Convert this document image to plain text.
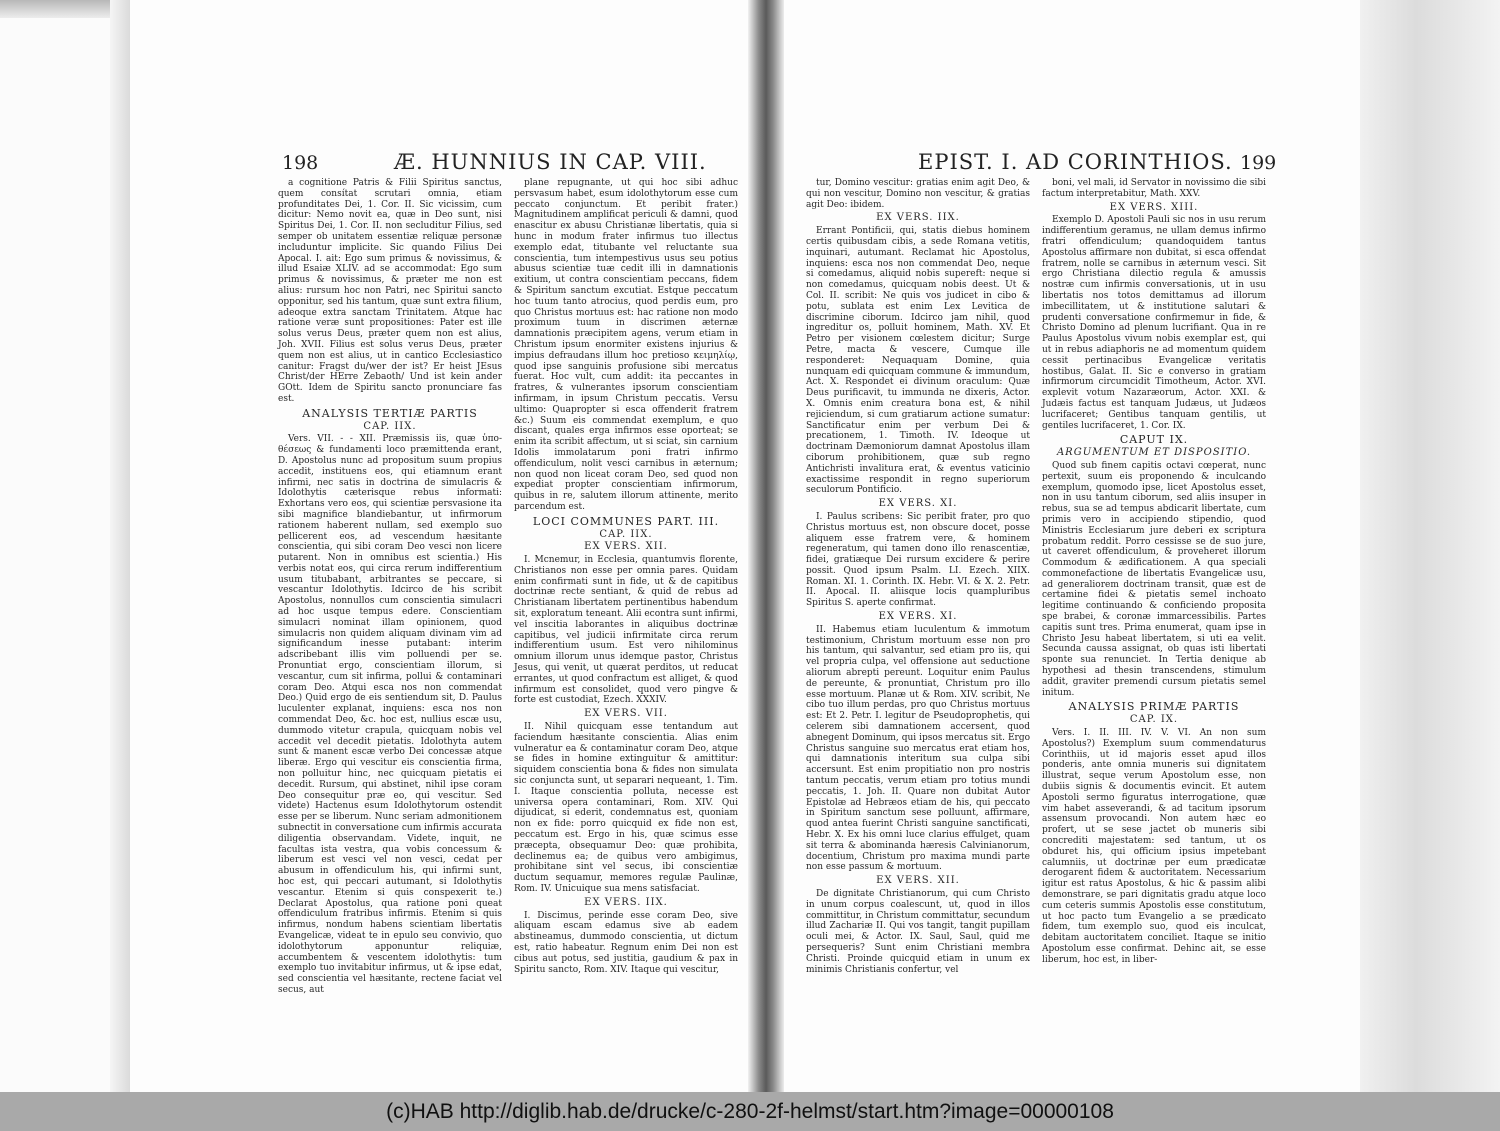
198	Æ. HUNNIUS IN CAP. VIII.	EPIST. I. AD CORINTHIOS. 199

a cognitione Patris & Filii Spiritus sanctus, quem consítat scrutari omnia, etiam profunditates Dei, 1. Cor. II. Sic vicissim, cum dicitur: Nemo novit ea, quæ in Deo sunt, nisi Spiritus Dei, 1. Cor. II. non secluditur Filius, sed semper ob unitatem essentiæ reliquæ personæ includuntur implicite. Sic quando Filius Dei Apocal. I. ait: Ego sum primus & novissimus, & illud Esaiæ XLIV. ad se accommodat: Ego sum primus & novissimus, & præter me non est alius: rursum hoc non Patri, nec Spiritui sancto opponitur, sed his tantum, quæ sunt extra filium, adeoque extra sanctam Trinitatem. Atque hac ratione veræ sunt propositiones: Pater est ille solus verus Deus, præter quem non est alius, Joh. XVII. Filius est solus verus Deus, præter quem non est alius, ut in cantico Ecclesiastico canitur: Fragst du/wer der ist? Er heist JEsus Christ/der HErre Zebaoth/ Und ist kein ander GOtt. Idem de Spiritu sancto pronunciare fas est.

ANALYSIS TERTIÆ PARTIS
CAP. IIX.

Vers. VII. - - XII. Præmissis iis, quæ ὑπο-θέσεως & fundamenti loco præmittenda erant, D. Apostolus nunc ad propositum suum propius accedit, instituens eos, qui etiamnum erant infirmi, nec satis in doctrina de simulacris & Idolothytis cæterisque rebus informati: Exhortans vero eos, qui scientiæ persvasione ita sibi magnifice blandiebantur, ut infirmorum rationem haberent nullam, sed exemplo suo pellicerent eos, ad vescendum hæsitante conscientia, qui sibi coram Deo vesci non licere putarent. Non in omnibus est scientia.) His verbis notat eos, qui circa rerum indifferentium usum titubabant, arbitrantes se peccare, si vescantur Idolothytis. Idcirco de his scribit Apostolus, nonnullos cum conscientia simulacri ad hoc usque tempus edere. Conscientiam simulacri nominat illam opinionem, quod simulacris non quidem aliquam divinam vim ad significandum inesse putabant: interim adscribebant illis vim polluendi per se. Pronuntiat ergo, conscientiam illorum, si vescantur, cum sit infirma, pollui & contaminari coram Deo. Atqui esca nos non commendat Deo.) Quid ergo de eis sentiendum sit, D. Paulus luculenter explanat, inquiens: esca nos non commendat Deo, &c. hoc est, nullius escæ usu, dummodo vitetur crapula, quicquam nobis vel accedit vel decedit pietatis. Idolothyta autem sunt & manent escæ verbo Dei concessæ atque liberæ. Ergo qui vescitur eis conscientia firma, non polluitur hinc, nec quicquam pietatis ei decedit. Rursum, qui abstinet, nihil ipse coram Deo consequitur præ eo, qui vescitur. Sed videte) Hactenus esum Idolothytorum ostendit esse per se liberum. Nunc seriam admonitionem subnectit in conversatione cum infirmis accurata diligentia observandam. Videte, inquit, ne facultas ista vestra, qua vobis concessum & liberum est vesci vel non vesci, cedat per abusum in offendiculum his, qui infirmi sunt, hoc est, qui peccari autumant, si Idolothytis vescantur. Etenim si quis conspexerit te.) Declarat Apostolus, qua ratione poni queat offendiculum fratribus infirmis. Etenim si quis infirmus, nondum habens scientiam libertatis Evangelicæ, videat te in epulo seu convivio, quo idolothytorum apponuntur reliquiæ, accumbentem & vescentem idolothytis: tum exemplo tuo invitabitur infirmus, ut & ipse edat, sed conscientia vel hæsitante, rectene faciat vel secus, aut

plane repugnante, ut qui hoc sibi adhuc persvasum habet, esum idolothytorum esse cum peccato conjunctum. Et peribit frater.) Magnitudinem amplificat periculi & damni, quod enascitur ex abusu Christianæ libertatis, quia si hunc in modum frater infirmus tuo illectus exemplo edat, titubante vel reluctante sua conscientia, tum intempestivus usus seu potius abusus scientiæ tuæ cedit illi in damnationis exitium, ut contra conscientiam peccans, fidem & Spiritum sanctum excutiat. Estque peccatum hoc tuum tanto atrocius, quod perdis eum, pro quo Christus mortuus est: hac ratione non modo proximum tuum in discrimen æternæ damnationis præcipitem agens, verum etiam in Christum ipsum enormiter existens injurius & impius defraudans illum hoc pretioso κειμηλίῳ, quod ipse sanguinis profusione sibi mercatus fuerat. Hoc vult, cum addit: ita peccantes in fratres, & vulnerantes ipsorum conscientiam infirmam, in ipsum Christum peccatis. Versu ultimo: Quapropter si esca offenderit fratrem &c.) Suum eis commendat exemplum, e quo discant, quales erga infirmos esse oporteat; se enim ita scribit affectum, ut si sciat, sin carnium Idolis immolatarum poni fratri infirmo offendiculum, nolit vesci carnibus in æternum; non quod non liceat coram Deo, sed quod non expediat propter conscientiam infirmorum, quibus in re, salutem illorum attinente, merito parcendum est.

LOCI COMMUNES PART. III.
CAP. IIX.
EX VERS. XII.

I. Mcnemur, in Ecclesia, quantumvis florente, Christianos non esse per omnia pares. Quidam enim confirmati sunt in fide, ut & de capitibus doctrinæ recte sentiant, & quid de rebus ad Christianam libertatem pertinentibus habendum sit, exploratum teneant. Alii econtra sunt infirmi, vel inscitia laborantes in aliquibus doctrinæ capitibus, vel judicii infirmitate circa rerum indifferentium usum. Est vero nihilominus omnium illorum unus idemque pastor, Christus Jesus, qui venit, ut quærat perditos, ut reducat errantes, ut quod confractum est alliget, & quod infirmum est consolidet, quod vero pingve & forte est custodiat, Ezech. XXXIV.

EX VERS. VII.

II. Nihil quicquam esse tentandum aut faciendum hæsitante conscientia. Alias enim vulneratur ea & contaminatur coram Deo, atque se fides in homine extinguitur & amittitur: siquidem conscientia bona & fides non simulata sic conjuncta sunt, ut separari nequeant, 1. Tim. I. Itaque conscientia polluta, necesse est universa opera contaminari, Rom. XIV. Qui dijudicat, si ederit, condemnatus est, quoniam non ex fide: porro quicquid ex fide non est, peccatum est. Ergo in his, quæ scimus esse præcepta, obsequamur Deo: quæ prohibita, declinemus ea; de quibus vero ambigimus, prohibitane sint vel secus, ibi conscientiæ ductum sequamur, memores regulæ Paulinæ, Rom. IV. Unicuique sua mens satisfaciat.

EX VERS. IIX.

I. Discimus, perinde esse coram Deo, sive aliquam escam edamus sive ab eadem abstineamus, dummodo conscientia, ut dictum est, ratio habeatur. Regnum enim Dei non est cibus aut potus, sed justitia, gaudium & pax in Spiritu sancto, Rom. XIV. Itaque qui vescitur,

tur, Domino vescitur: gratias enim agit Deo, & qui non vescitur, Domino non vescitur, & gratias agit Deo: ibidem.

EX VERS. IIX.

Errant Pontificii, qui, statis diebus hominem certis quibusdam cibis, a sede Romana vetitis, inquinari, autumant. Reclamat hic Apostolus, inquiens: esca nos non commendat Deo, neque si comedamus, aliquid nobis supereft: neque si non comedamus, quicquam nobis deest. Ut & Col. II. scribit: Ne quis vos judicet in cibo & potu, sublata est enim Lex Levitica de discrimine ciborum. Idcirco jam nihil, quod ingreditur os, polluit hominem, Math. XV. Et Petro per visionem cœlestem dicitur; Surge Petre, macta & vescere, Cumque ille responderet: Nequaquam Domine, quia nunquam edi quicquam commune & immundum, Act. X. Respondet ei divinum oraculum: Quæ Deus purificavit, tu immunda ne dixeris, Actor. X. Omnis enim creatura bona est, & nihil rejiciendum, si cum gratiarum actione sumatur: Sanctificatur enim per verbum Dei & precationem, 1. Timoth. IV. Ideoque ut doctrinam Dæmoniorum damnat Apostolus illam ciborum prohibitionem, quæ sub regno Antichristi invalitura erat, & eventus vaticinio exactissime respondit in regno superiorum seculorum Pontificio.

EX VERS. XI.

I. Paulus scribens: Sic peribit frater, pro quo Christus mortuus est, non obscure docet, posse aliquem esse fratrem vere, & hominem regeneratum, qui tamen dono illo renascentiæ, fidei, gratiæque Dei rursum excidere & perire possit. Quod ipsum Psalm. LI. Ezech. XIIX. Roman. XI. 1. Corinth. IX. Hebr. VI. & X. 2. Petr. II. Apocal. II. aliisque locis quampluribus Spiritus S. aperte confirmat.

EX VERS. XI.

II. Habemus etiam luculentum & immotum testimonium, Christum mortuum esse non pro his tantum, qui salvantur, sed etiam pro iis, qui vel propria culpa, vel offensione aut seductione aliorum abrepti pereunt. Loquitur enim Paulus de pereunte, & pronuntiat, Christum pro illo esse mortuum. Planæ ut & Rom. XIV. scribit, Ne cibo tuo illum perdas, pro quo Christus mortuus est: Et 2. Petr. I. legitur de Pseudoprophetis, qui celerem sibi damnationem accersent, quod abnegent Dominum, qui ipsos mercatus sit. Ergo Christus sanguine suo mercatus erat etiam hos, qui damnationis interitum sua culpa sibi accersunt. Est enim propitiatio non pro nostris tantum peccatis, verum etiam pro totius mundi peccatis, 1. Joh. II. Quare non dubitat Autor Epistolæ ad Hebræos etiam de his, qui peccato in Spiritum sanctum sese polluunt, affirmare, quod antea fuerint Christi sanguine sanctificati, Hebr. X. Ex his omni luce clarius effulget, quam sit terra & abominanda hæresis Calvinianorum, docentium, Christum pro maxima mundi parte non esse passum & mortuum.

EX VERS. XII.

De dignitate Christianorum, qui cum Christo in unum corpus coalescunt, ut, quod in illos committitur, in Christum committatur, secundum illud Zachariæ II. Qui vos tangit, tangit pupillam oculi mei, & Actor. IX. Saul, Saul, quid me persequeris? Sunt enim Christiani membra Christi. Proinde quicquid etiam in unum ex minimis Christianis confertur, vel

boni, vel mali, id Servator in novissimo die sibi factum interpretabitur, Math. XXV.

EX VERS. XIII.

Exemplo D. Apostoli Pauli sic nos in usu rerum indifferentium geramus, ne ullam demus infirmo fratri offendiculum; quandoquidem tantus Apostolus affirmare non dubitat, si esca offendat fratrem, nolle se carnibus in æternum vesci. Sit ergo Christiana dilectio regula & amussis nostræ cum infirmis conversationis, ut in usu libertatis nos totos demittamus ad illorum imbecillitatem, ut & institutione salutari & prudenti conversatione confirmemur in fide, & Christo Domino ad plenum lucrifiant. Qua in re Paulus Apostolus vivum nobis exemplar est, qui ut in rebus adiaphoris ne ad momentum quidem cessit pertinacibus Evangelicæ veritatis hostibus, Galat. II. Sic e converso in gratiam infirmorum circumcidit Timotheum, Actor. XVI. explevit votum Nazaræorum, Actor. XXI. & Judæis factus est tanquam Judæus, ut Judæos lucrifaceret; Gentibus tanquam gentilis, ut gentiles lucrifaceret, 1. Cor. IX.

CAPUT IX.
ARGUMENTUM ET DISPOSITIO.

Quod sub finem capitis octavi cœperat, nunc pertexit, suum eis proponendo & inculcando exemplum, quomodo ipse, licet Apostolus esset, non in usu tantum ciborum, sed aliis insuper in rebus, sua se ad tempus abdicarit libertate, cum primis vero in accipiendo stipendio, quod Ministris Ecclesiarum jure deberi ex scriptura probatum reddit. Porro cessisse se de suo jure, ut caveret offendiculum, & proveheret illorum Commodum & ædificationem. A qua speciali commonefactione de libertatis Evangelicæ usu, ad generaliorem doctrinam transit, quæ est de certamine fidei & pietatis semel inchoato legitime continuando & conficiendo proposita spe brabei, & coronæ immarcessibilis. Partes capitis sunt tres. Prima enumerat, quam ipse in Christo Jesu habeat libertatem, si uti ea velit. Secunda caussa assignat, ob quas isti libertati sponte sua renunciet. In Tertia denique ab hypothesi ad thesin transcendens, stimulum addit, graviter premendi cursum pietatis semel initum.

ANALYSIS PRIMÆ PARTIS
CAP. IX.

Vers. I. II. III. IV. V. VI. An non sum Apostolus?) Exemplum suum commendaturus Corinthiis, ut id majoris esset apud illos ponderis, ante omnia muneris sui dignitatem illustrat, seque verum Apostolum esse, non dubiis signis & documentis evincit. Et autem Apostoli sermo figuratus interrogatione, quæ vim habet asseverandi, & ad tacitum ipsorum assensum provocandi. Non autem hæc eo profert, ut se sese jactet ob muneris sibi concrediti majestatem: sed tantum, ut os obduret his, qui officium ipsius impetebant calumniis, ut doctrinæ per eum prædicatæ derogarent fidem & auctoritatem. Necessarium igitur est ratus Apostolus, & hic & passim alibi demonstrare, se pari dignitatis gradu atque loco cum ceteris summis Apostolis esse constitutum, ut hoc pacto tum Evangelio a se prædicato fidem, tum exemplo suo, quod eis inculcat, debitam auctoritatem conciliet. Itaque se initio Apostolum esse confirmat. Dehinc ait, se esse liberum, hoc est, in liber-

(c)HAB http://diglib.hab.de/drucke/c-280-2f-helmst/start.htm?image=00000108
